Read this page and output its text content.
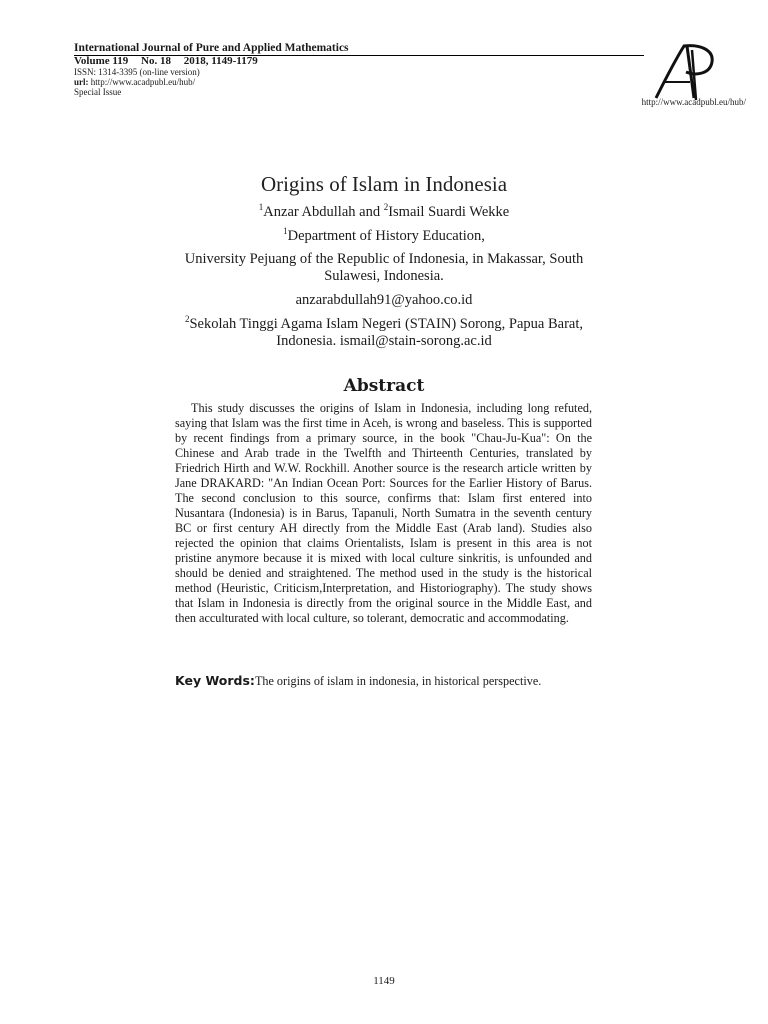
International Journal of Pure and Applied Mathematics
Volume 119 No. 18 2018, 1149-1179
ISSN: 1314-3395 (on-line version)
url: http://www.acadpubl.eu/hub/
Special Issue
http://www.acadpubl.eu/hub/
Origins of Islam in Indonesia
$^1$Anzar Abdullah and $^2$Ismail Suardi Wekke
$^1$Department of History Education,
University Pejuang of the Republic of Indonesia, in Makassar, South Sulawesi, Indonesia.
anzarabdullah91@yahoo.co.id
$^2$Sekolah Tinggi Agama Islam Negeri (STAIN) Sorong, Papua Barat, Indonesia. ismail@stain-sorong.ac.id
Abstract
This study discusses the origins of Islam in Indonesia, including long refuted, saying that Islam was the first time in Aceh, is wrong and baseless. This is supported by recent findings from a primary source, in the book "Chau-Ju-Kua": On the Chinese and Arab trade in the Twelfth and Thirteenth Centuries, translated by Friedrich Hirth and W.W. Rockhill. Another source is the research article written by Jane DRAKARD: "An Indian Ocean Port: Sources for the Earlier History of Barus. The second conclusion to this source, confirms that: Islam first entered into Nusantara (Indonesia) is in Barus, Tapanuli, North Sumatra in the seventh century BC or first century AH directly from the Middle East (Arab land). Studies also rejected the opinion that claims Orientalists, Islam is present in this area is not pristine anymore because it is mixed with local culture sinkritis, is unfounded and should be denied and straightened. The method used in the study is the historical method (Heuristic, Criticism,Interpretation, and Historiography). The study shows that Islam in Indonesia is directly from the original source in the Middle East, and then acculturated with local culture, so tolerant, democratic and accommodating.
Key Words:The origins of islam in indonesia, in historical perspective.
1149
